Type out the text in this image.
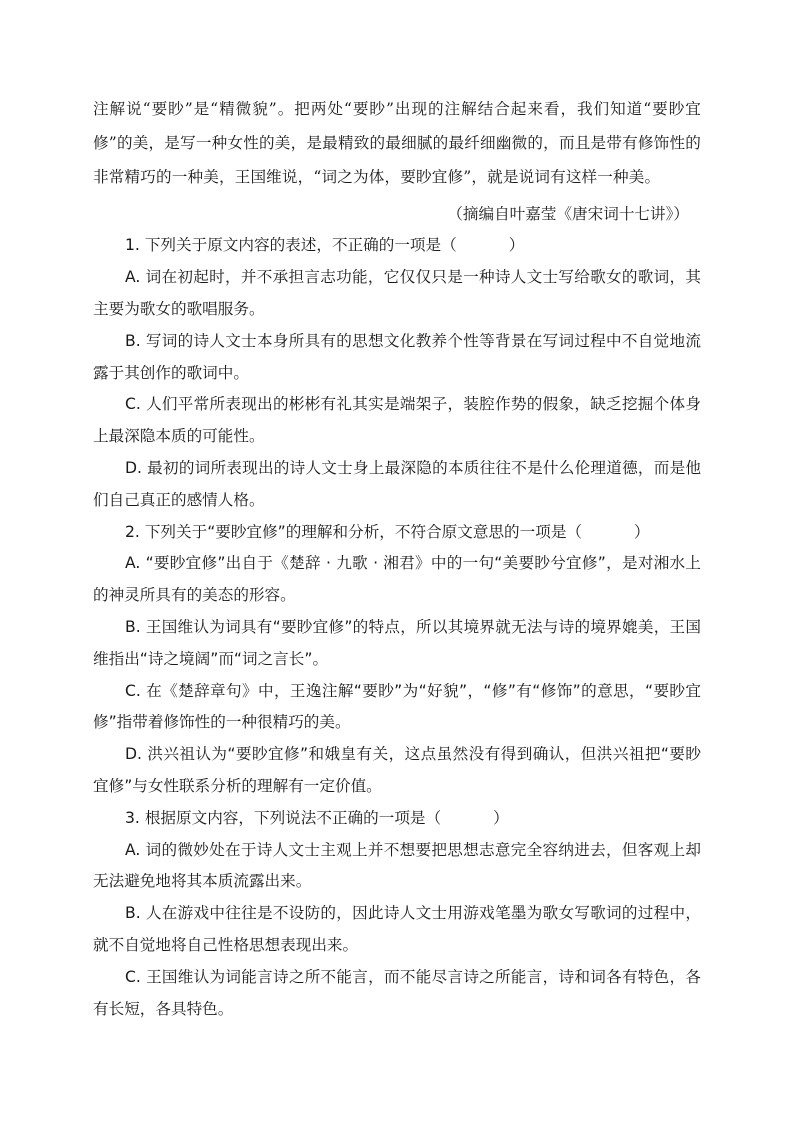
注解说“要眇”是“精微貌”。把两处“要眇”出现的注解结合起来看，我们知道“要眇宜修”的美，是写一种女性的美，是最精致的最细腻的最纤细幽微的，而且是带有修饰性的非常精巧的一种美，王国维说，“词之为体，要眇宜修”，就是说词有这样一种美。

（摘编自叶嘉莹《唐宋词十七讲》）

1. 下列关于原文内容的表述，不正确的一项是（	）

A. 词在初起时，并不承担言志功能，它仅仅只是一种诗人文士写给歌女的歌词，其主要为歌女的歌唱服务。

B. 写词的诗人文士本身所具有的思想文化教养个性等背景在写词过程中不自觉地流露于其创作的歌词中。

C. 人们平常所表现出的彬彬有礼其实是端架子，装腔作势的假象，缺乏挖掘个体身上最深隐本质的可能性。

D. 最初的词所表现出的诗人文士身上最深隐的本质往往不是什么伦理道德，而是他们自己真正的感情人格。

2. 下列关于“要眇宜修”的理解和分析，不符合原文意思的一项是（	）

A. “要眇宜修”出自于《楚辞 · 九歌 · 湘君》中的一句“美要眇兮宜修”，是对湘水上的神灵所具有的美态的形容。

B. 王国维认为词具有“要眇宜修”的特点，所以其境界就无法与诗的境界媲美，王国维指出“诗之境阔”而“词之言长”。

C. 在《楚辞章句》中，王逸注解“要眇”为“好貌”，“修”有“修饰”的意思，“要眇宜修”指带着修饰性的一种很精巧的美。

D. 洪兴祖认为“要眇宜修”和娥皇有关，这点虽然没有得到确认，但洪兴祖把“要眇宜修”与女性联系分析的理解有一定价值。

3. 根据原文内容，下列说法不正确的一项是（	）

A. 词的微妙处在于诗人文士主观上并不想要把思想志意完全容纳进去，但客观上却无法避免地将其本质流露出来。

B. 人在游戏中往往是不设防的，因此诗人文士用游戏笔墨为歌女写歌词的过程中，就不自觉地将自己性格思想表现出来。

C. 王国维认为词能言诗之所不能言，而不能尽言诗之所能言，诗和词各有特色，各有长短，各具特色。
